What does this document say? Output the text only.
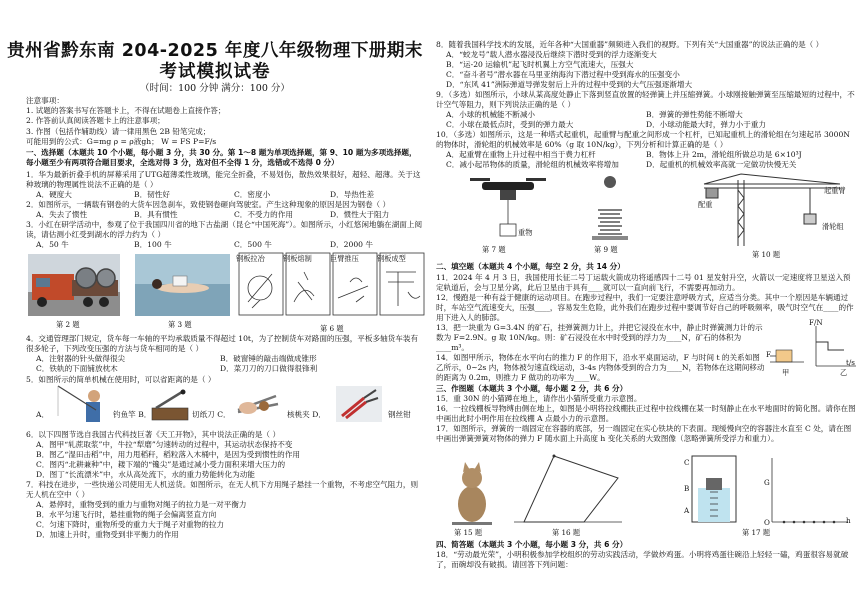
贵州省黔东南 204-2025 年度八年级物理下册期末
考试模拟试卷
（时间：100 分钟 满分：100 分）
注意事项：
1. 试题的答案书写在答题卡上，不得在试题卷上直接作答；
2. 作答前认真阅读答题卡上的注意事项；
3. 作图（包括作辅助线）请一律用黑色 2B 铅笔完成；
可能用到的公式：G=mg ρ = ρ液gh； W = FS P=F/s
一、选择题（本题共 10 个小题，每小题 3 分，共 30 分。第 1～8 题为单项选择题，第 9、10 题为多项选择题，每小题至少有两项符合题目要求，全选对得 3 分，选对但不全得 1 分，选错或不选得 0 分）
1．华为最新折叠手机的屏幕采用了UTG超薄柔性玻璃，能完全折叠，不易划伤，散热效果很好，超轻、超薄。关于这种玻璃的物理属性说法不正确的是（ ）
A．硬度大	B．韧性好	C．密度小	D．导热性差
2．如图所示，一辆载有钢卷的大货车因急刹车，致使钢卷砸向驾驶室。产生这种现象的原因是因为钢卷（ ）
A．失去了惯性	B．具有惯性	C．不受力的作用	D．惯性大于阻力
3．小红在研学活动中，参观了位于我国四川省的地下古盐湖（昆仑“中国死海”）。如图所示，小红悠闲地躺在湖面上阅读，请估测小红受到湖水的浮力约为（ ）
A．50 牛	B．100 牛	C．500 牛	D．2000 牛
第 2 题	第 3 题
钢板拉冶	钢板熔制	巨臂推压	钢板成型
第 6 题
4．交通管理部门规定，货车每一车轴的平均承载质量不得超过 10t，为了控制货车对路面的压强，平板多轴货车装有很多轮子，下列改变压强的方法与货车相同的是（ ）
A．注射器的针头做得很尖	B．破窗锤的敲击端做成锥形
C．铁轨的下面铺放枕木	D．菜刀刀的刀口做得很锋利
5．如图所示的简单机械在使用时，可以省距离的是（ ）
A．	钓鱼竿 B．	切纸刀 C．	核桃夹 D．	钢丝钳
6．以下四图节选自我国古代科技巨著《天工开物》，其中说法正确的是（ ）
A．图甲“轧蔗取浆”中，牛拉“犁磨”匀速转动的过程中，其运动状态保持不变
B．图乙“湿田击稻”中，用力甩稻秆，稻粒落入木桶中，是因为受到惯性的作用
C．图丙“北耕兼种”中，耧下端的“镵尖”是通过减小受力面积来增大压力的
D．图丁“长流漂米”中，水从高处流下，水的重力势能转化为动能
7．科技在进步，一些快递公司使用无人机送货。如图所示，在无人机下方用绳子悬挂一个重物，不考虑空气阻力，则无人机在空中（ ）
A．悬停时，重物受到的重力与重物对绳子的拉力是一对平衡力
B．水平匀速飞行时，悬挂重物的绳子会偏离竖直方向
C．匀速下降时，重物所受的重力大于绳子对重物的拉力
D．加速上升时，重物受到非平衡力的作用
8．随着我国科学技术的发展，近年各种“大国重器”频频进入我们的视野。下列有关“大国重器”的说法正确的是（ ）
A．“蛟龙号”载人潜水器浸没后继续下潜时受到的浮力逐渐变大
B．“运-20 运输机”起飞时机翼上方空气流速大，压强大
C．“奋斗者号”潜水器在马里亚纳海沟下潜过程中受到海水的压强变小
D．“东风 41”洲际弹道导弹发射后上升的过程中受到的大气压强逐渐增大
9．（多选）如图所示，小球从某高度处静止下落到竖直放置的轻弹簧上并压缩弹簧。小球刚接触弹簧至压缩最短的过程中，不计空气等阻力，则下列说法正确的是（ ）
A．小球的机械能不断减小	B．弹簧的弹性势能不断增大
C．小球在最低点时，受到的弹力最大	D．小球动能最大时，弹力小于重力
10．（多选）如图所示，这是一种塔式起重机，起重臂与配重之间形成一个杠杆，已知起重机上的滑轮组在匀速起吊 3000N 的物体时，滑轮组的机械效率是 60%（g 取 10N/kg），下列分析和计算正确的是（ ）
A．起重臂在重物上升过程中相当于费力杠杆	B．物体上升 2m，滑轮组所做总功是 6×10³J
C．减小起吊物体的质量，滑轮组的机械效率将增加	D．起重机的机械效率高就一定做功快慢无关
重物
第 7 题	第 9 题
起重臂
配重
滑轮组
第 10 题
二、填空题（本题共 4 个小题，每空 2 分，共 14 分）
11．2024 年 4 月 3 日，我国使用长征二号丁运载火箭成功将遥感四十二号 01 星发射升空，火箭以一定速度将卫星送入预定轨道后，会与卫星分离，此后卫星由于具有____就可以一直向前飞行，不需要再加动力。
12．慢跑是一种有益于健康的运动项目。在跑步过程中，我们一定要注意呼吸方式，应适当分类。其中一个原因是车辆通过时，车站空气流速变大，压强____，容易发生危险，此外我们在跑步过程中要调节好自己的呼吸频率，吸气时空气在____的作用下进入人的肺部。
13．把一块重为 G=3.4N 的矿石，挂弹簧测力计上，并把它浸没在水中，静止时弹簧测力计的示数为 F=2.9N。g 取 10N/kg。则：矿石浸没在水中时受到的浮力为____N，矿石的体积为____m³。
14．如图甲所示，物体在水平向右的推力 F 的作用下，沿水平桌面运动，F 与时间 t 的关系如图乙所示，0~2s 内，物体被匀速直线运动，3-4s 内物体受到的合力为____N，若物体在这期间移动的距离为 0.2m，则推力 F 做功的功率为____W。
F/N
F
甲	乙
t/s
三、作图题（本题共 3 个小题，每小题 2 分，共 6 分）
15．重 30N 的小猫蹲在地上，请作出小猫所受重力示意图。
16．一拉线棚板导物缚由侧在地上，如图是小明将拉线棚扶正过程中拉线棚在某一时刻静止在水平地面时的简化图。请你在图中画出此时小明作用在拉线棚 A 点最小力的示意图。
17．如图所示，弹簧的一端固定在容器的底部，另一端固定在实心铁块的下表面。现缓慢向空的容器注水直至 C 处，请在图中画出弹簧弹簧对物体的弹力 F 随水面上升高度 h 变化关系的大致图像（忽略弹簧所受浮力和重力）。
第 15 题	第 16 题
C
B
A
h
O
G
第 17 题
四、简答题（本题共 3 个小题，每小题 3 分，共 6 分）
18．“劳动最光荣”，小明积极参加学校组织的劳动实践活动，学做炒鸡蛋。小明将鸡蛋往碗沿上轻轻一磕，鸡蛋很容易就破了，而碗却没有破损。请回答下列问题：
